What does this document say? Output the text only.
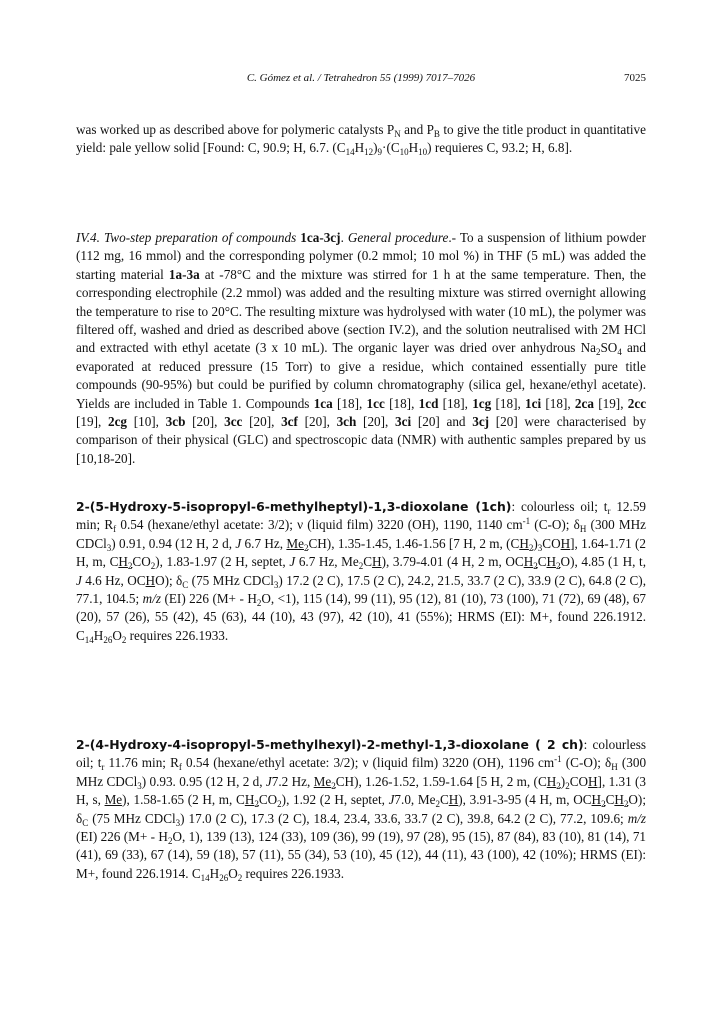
C. Gómez et al. / Tetrahedron 55 (1999) 7017–7026	7025

was worked up as described above for polymeric catalysts $P_N$ and $P_B$ to give the title product in quantitative yield: pale yellow solid [Found: C, 90.9; H, 6.7. $(C_{14}H_{12})_9\cdot(C_{10}H_{10})$ requieres C, 93.2; H, 6.8].

IV.4. Two-step preparation of compounds 1ca-3cj. General procedure.- To a suspension of lithium powder (112 mg, 16 mmol) and the corresponding polymer (0.2 mmol; 10 mol %) in THF (5 mL) was added the starting material 1a-3a at -78°C and the mixture was stirred for 1 h at the same temperature. Then, the corresponding electrophile (2.2 mmol) was added and the resulting mixture was stirred overnight allowing the temperature to rise to 20°C. The resulting mixture was hydrolysed with water (10 mL), the polymer was filtered off, washed and dried as described above (section IV.2), and the solution neutralised with 2M HCl and extracted with ethyl acetate (3 x 10 mL). The organic layer was dried over anhydrous $Na_2SO_4$ and evaporated at reduced pressure (15 Torr) to give a residue, which contained essentially pure title compounds (90-95%) but could be purified by column chromatography (silica gel, hexane/ethyl acetate). Yields are included in Table 1. Compounds 1ca [18], 1cc [18], 1cd [18], 1cg [18], 1ci [18], 2ca [19], 2cc [19], 2cg [10], 3cb [20], 3cc [20], 3cf [20], 3ch [20], 3ci [20] and 3cj [20] were characterised by comparison of their physical (GLC) and spectroscopic data (NMR) with authentic samples prepared by us [10,18-20].

2-(5-Hydroxy-5-isopropyl-6-methylheptyl)-1,3-dioxolane (1ch): colourless oil; $t_r$ 12.59 min; $R_f$ 0.54 (hexane/ethyl acetate: 3/2); ν (liquid film) 3220 (OH), 1190, 1140 $cm^{-1}$ (C-O); $\delta_H$ (300 MHz CDCl$_3$) 0.91, 0.94 (12 H, 2 d, J 6.7 Hz, $Me_2CH$), 1.35-1.45, 1.46-1.56 [7 H, 2 m, $(CH_2)_3COH$], 1.64-1.71 (2 H, m, $CH_2CO_2$), 1.83-1.97 (2 H, septet, J 6.7 Hz, $Me_2CH$), 3.79-4.01 (4 H, 2 m, $OCH_2CH_2O$), 4.85 (1 H, t, J 4.6 Hz, OCHO); $\delta_C$ (75 MHz CDCl$_3$) 17.2 (2 C), 17.5 (2 C), 24.2, 21.5, 33.7 (2 C), 33.9 (2 C), 64.8 (2 C), 77.1, 104.5; m/z (EI) 226 ($M+ - H_2O$, <1), 115 (14), 99 (11), 95 (12), 81 (10), 73 (100), 71 (72), 69 (48), 67 (20), 57 (26), 55 (42), 45 (63), 44 (10), 43 (97), 42 (10), 41 (55%); HRMS (EI): M+, found 226.1912. $C_{14}H_{26}O_2$ requires 226.1933.

2-(4-Hydroxy-4-isopropyl-5-methylhexyl)-2-methyl-1,3-dioxolane ( 2 ch): colourless oil; $t_r$ 11.76 min; $R_f$ 0.54 (hexane/ethyl acetate: 3/2); ν (liquid film) 3220 (OH), 1196 $cm^{-1}$ (C-O); $\delta_H$ (300 MHz CDCl$_3$) 0.93. 0.95 (12 H, 2 d, J7.2 Hz, $Me_2CH$), 1.26-1.52, 1.59-1.64 [5 H, 2 m, $(CH_2)_2COH$], 1.31 (3 H, s, Me), 1.58-1.65 (2 H, m, $CH_2CO_2$), 1.92 (2 H, septet, J7.0, $Me_2CH$), 3.91-3-95 (4 H, m, $OCH_2CH_2O$); $\delta_C$ (75 MHz CDCl$_3$) 17.0 (2 C), 17.3 (2 C), 18.4, 23.4, 33.6, 33.7 (2 C), 39.8, 64.2 (2 C), 77.2, 109.6; m/z (EI) 226 ($M+ - H_2O$, 1), 139 (13), 124 (33), 109 (36), 99 (19), 97 (28), 95 (15), 87 (84), 83 (10), 81 (14), 71 (41), 69 (33), 67 (14), 59 (18), 57 (11), 55 (34), 53 (10), 45 (12), 44 (11), 43 (100), 42 (10%); HRMS (EI): M+, found 226.1914. $C_{14}H_{26}O_2$ requires 226.1933.
